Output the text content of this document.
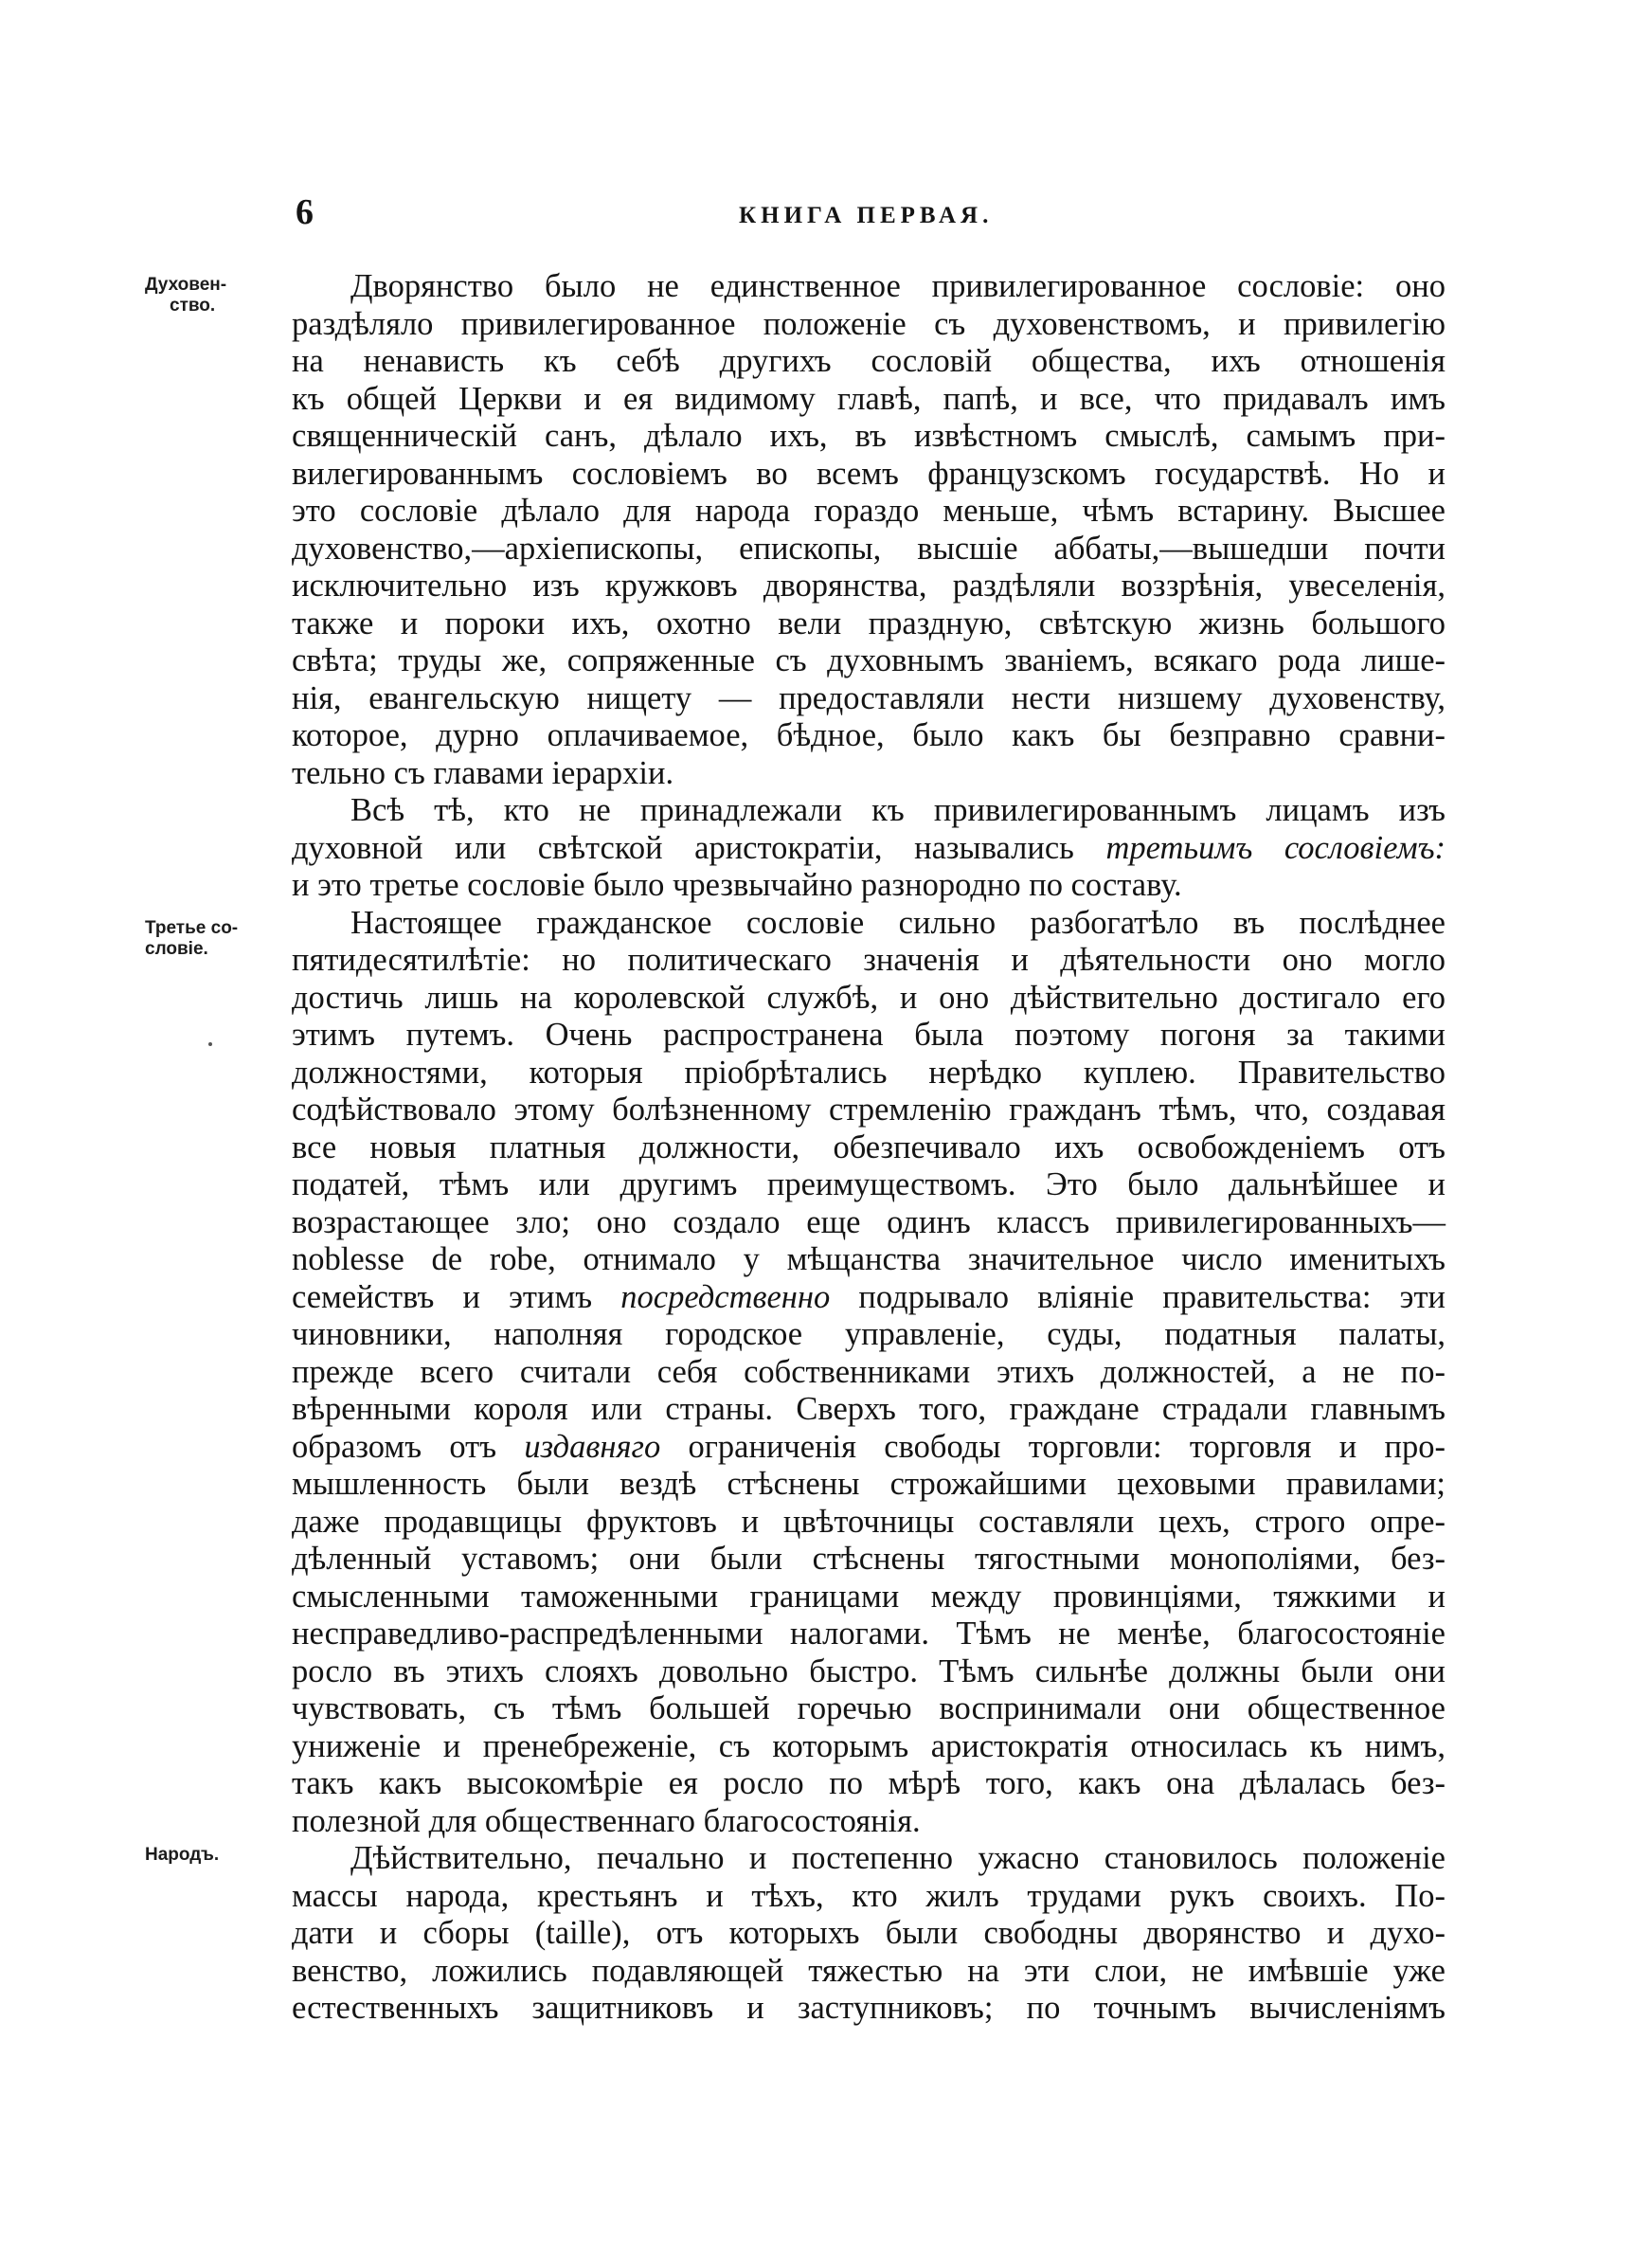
6	КНИГА ПЕРВАЯ.
Духовен-
ство.
Третье со-
словіе.
Народъ.
Дворянство было не единственное привилегированное сословіе: оно
раздѣляло привилегированное положеніе съ духовенствомъ, и привилегію
на ненависть къ себѣ другихъ сословій общества, ихъ отношенія
къ общей Церкви и ея видимому главѣ, папѣ, и все, что придавалъ имъ
священническій санъ, дѣлало ихъ, въ извѣстномъ смыслѣ, самымъ при-
вилегированнымъ сословіемъ во всемъ французскомъ государствѣ. Но и
это сословіе дѣлало для народа гораздо меньше, чѣмъ встарину. Высшее
духовенство,—архіепископы, епископы, высшіе аббаты,—вышедши почти
исключительно изъ кружковъ дворянства, раздѣляли воззрѣнія, увеселенія,
также и пороки ихъ, охотно вели праздную, свѣтскую жизнь большого
свѣта; труды же, сопряженные съ духовнымъ званіемъ, всякаго рода лише-
нія, евангельскую нищету — предоставляли нести низшему духовенству,
которое, дурно оплачиваемое, бѣдное, было какъ бы безправно сравни-
тельно съ главами іерархіи.
Всѣ тѣ, кто не принадлежали къ привилегированнымъ лицамъ изъ
духовной или свѣтской аристократіи, назывались третьимъ сословіемъ:
и это третье сословіе было чрезвычайно разнородно по составу.
Настоящее гражданское сословіе сильно разбогатѣло въ послѣднее
пятидесятилѣтіе: но политическаго значенія и дѣятельности оно могло
достичь лишь на королевской службѣ, и оно дѣйствительно достигало его
этимъ путемъ. Очень распространена была поэтому погоня за такими
должностями, которыя пріобрѣтались нерѣдко куплею. Правительство
содѣйствовало этому болѣзненному стремленію гражданъ тѣмъ, что, создавая
все новыя платныя должности, обезпечивало ихъ освобожденіемъ отъ
податей, тѣмъ или другимъ преимуществомъ. Это было дальнѣйшее и
возрастающее зло; оно создало еще одинъ классъ привилегированныхъ—
noblesse de robe, отнимало у мѣщанства значительное число именитыхъ
семействъ и этимъ посредственно подрывало вліяніе правительства: эти
чиновники, наполняя городское управленіе, суды, податныя палаты,
прежде всего считали себя собственниками этихъ должностей, а не по-
вѣренными короля или страны. Сверхъ того, граждане страдали главнымъ
образомъ отъ издавняго ограниченія свободы торговли: торговля и про-
мышленность были вездѣ стѣснены строжайшими цеховыми правилами;
даже продавщицы фруктовъ и цвѣточницы составляли цехъ, строго опре-
дѣленный уставомъ; они были стѣснены тягостными монополіями, без-
смысленными таможенными границами между провинціями, тяжкими и
несправедливо-распредѣленными налогами. Тѣмъ не менѣе, благосостояніе
росло въ этихъ слояхъ довольно быстро. Тѣмъ сильнѣе должны были они
чувствовать, съ тѣмъ большей горечью воспринимали они общественное
униженіе и пренебреженіе, съ которымъ аристократія относилась къ нимъ,
такъ какъ высокомѣріе ея росло по мѣрѣ того, какъ она дѣлалась без-
полезной для общественнаго благосостоянія.
Дѣйствительно, печально и постепенно ужасно становилось положеніе
массы народа, крестьянъ и тѣхъ, кто жилъ трудами рукъ своихъ. По-
дати и сборы (taille), отъ которыхъ были свободны дворянство и духо-
венство, ложились подавляющей тяжестью на эти слои, не имѣвшіе уже
естественныхъ защитниковъ и заступниковъ; по точнымъ вычисленіямъ
